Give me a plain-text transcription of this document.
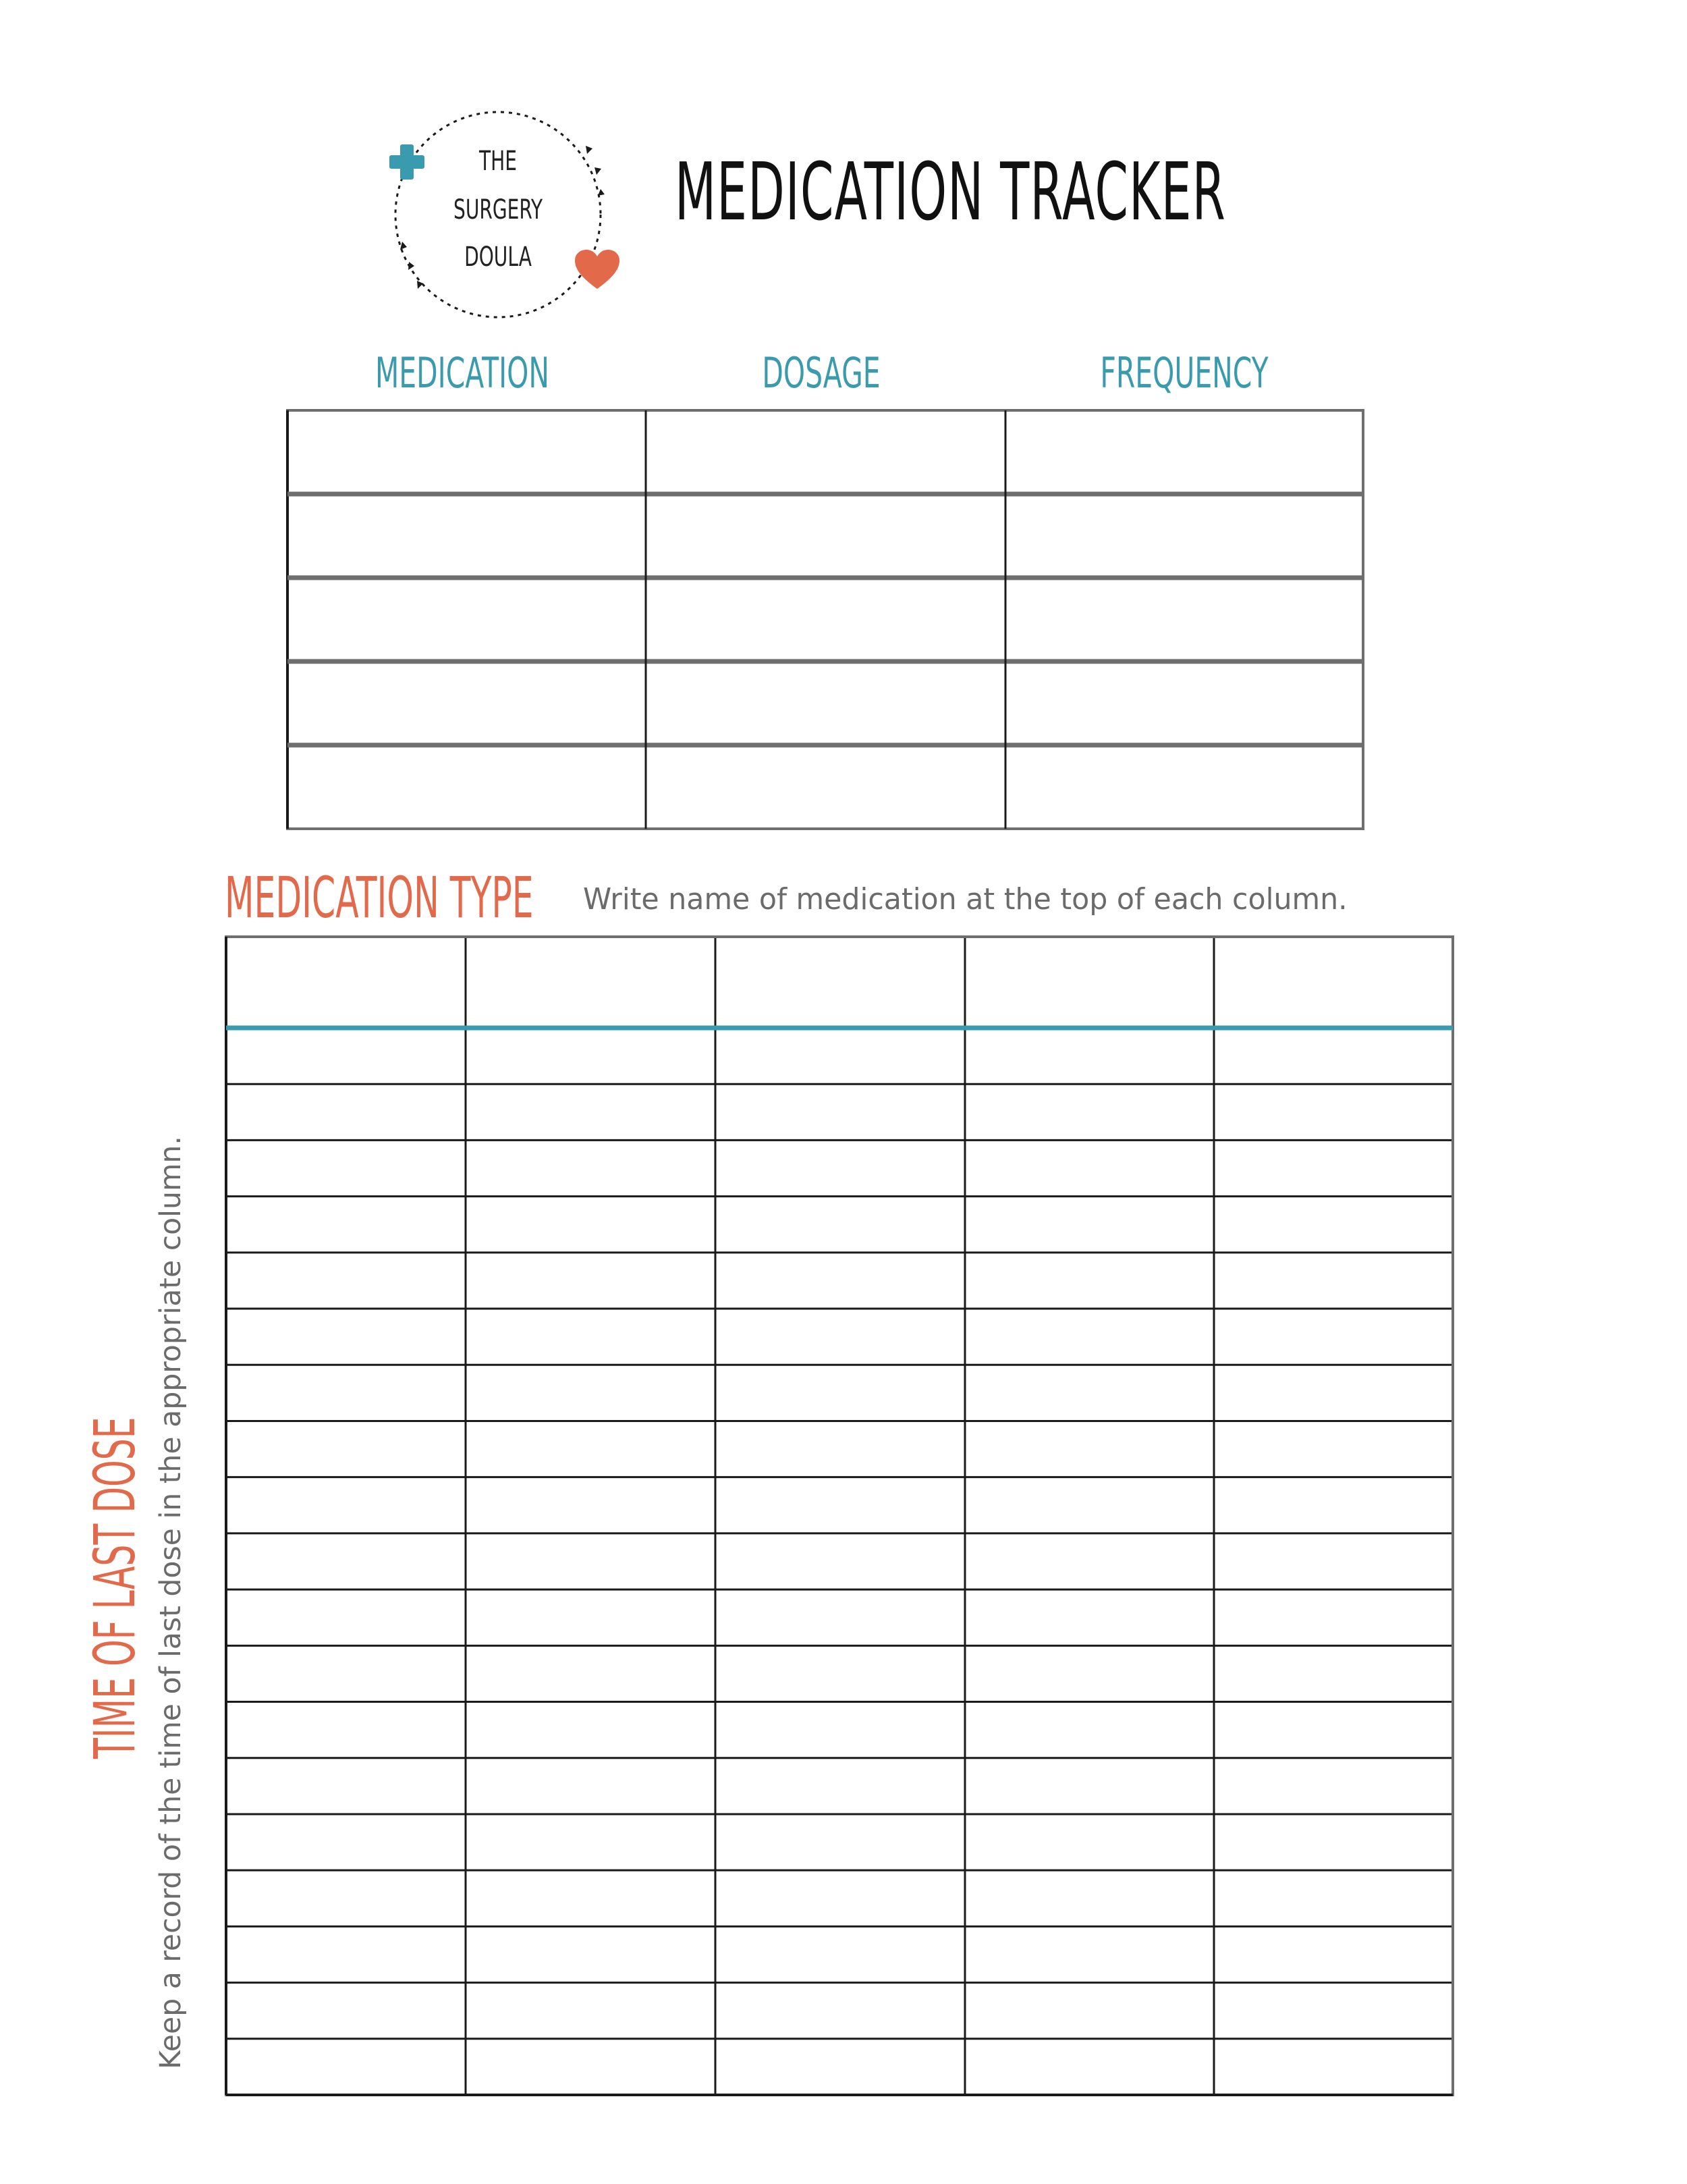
THE
SURGERY
DOULA
MEDICATION TRACKER
MEDICATION	DOSAGE	FREQUENCY
MEDICATION TYPE Write name of medication at the top of each column.
TIME OF LAST DOSE Keep a record of the time of last dose in the appropriate column.
